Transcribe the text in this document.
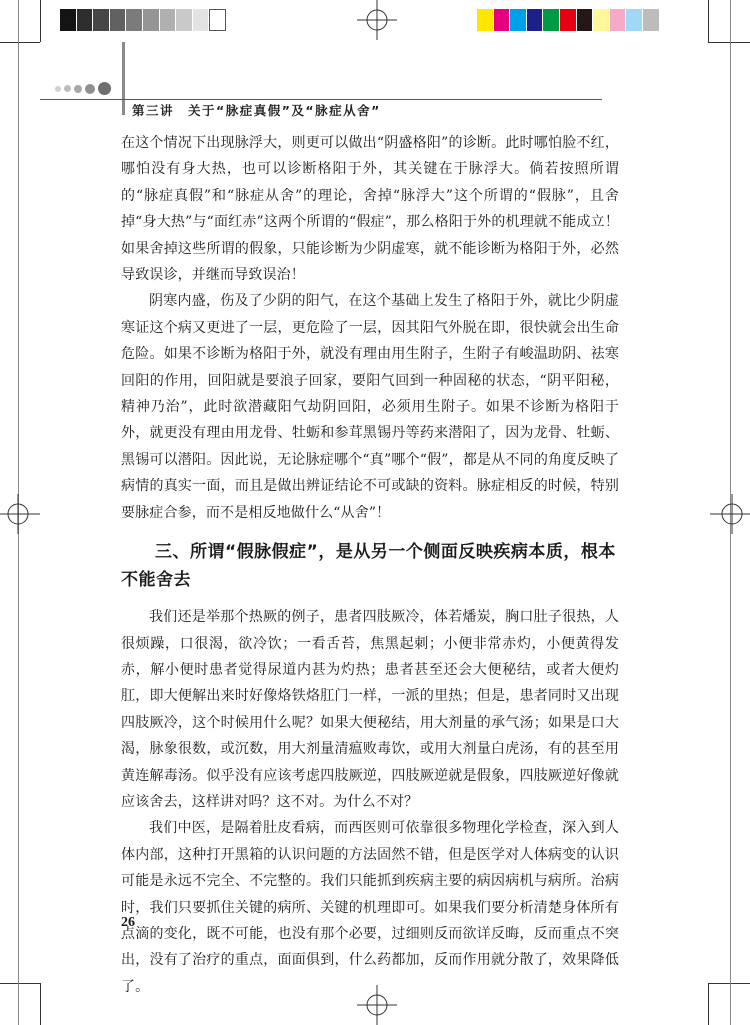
第三讲　关于“脉症真假”及“脉症从舍”

在这个情况下出现脉浮大，则更可以做出“阴盛格阳”的诊断。此时哪怕脸不红，哪怕没有身大热，也可以诊断格阳于外，其关键在于脉浮大。倘若按照所谓的“脉症真假”和“脉症从舍”的理论，舍掉“脉浮大”这个所谓的“假脉”，且舍掉“身大热”与“面红赤”这两个所谓的“假症”，那么格阳于外的机理就不能成立！如果舍掉这些所谓的假象，只能诊断为少阴虚寒，就不能诊断为格阳于外，必然导致误诊，并继而导致误治！

阴寒内盛，伤及了少阴的阳气，在这个基础上发生了格阳于外，就比少阴虚寒证这个病又更进了一层，更危险了一层，因其阳气外脱在即，很快就会出生命危险。如果不诊断为格阳于外，就没有理由用生附子，生附子有峻温助阴、祛寒回阳的作用，回阳就是要浪子回家，要阳气回到一种固秘的状态，“阴平阳秘，精神乃治”，此时欲潜藏阳气劫阴回阳，必须用生附子。如果不诊断为格阳于外，就更没有理由用龙骨、牡蛎和参茸黑锡丹等药来潜阳了，因为龙骨、牡蛎、黑锡可以潜阳。因此说，无论脉症哪个“真”哪个“假”，都是从不同的角度反映了病情的真实一面，而且是做出辨证结论不可或缺的资料。脉症相反的时候，特别要脉症合参，而不是相反地做什么“从舍”！

三、所谓“假脉假症”，是从另一个侧面反映疾病本质，根本不能舍去

我们还是举那个热厥的例子，患者四肢厥冷，体若燔炭，胸口肚子很热，人很烦躁，口很渴，欲冷饮；一看舌苔，焦黑起刺；小便非常赤灼，小便黄得发赤，解小便时患者觉得尿道内甚为灼热；患者甚至还会大便秘结，或者大便灼肛，即大便解出来时好像烙铁烙肛门一样，一派的里热；但是，患者同时又出现四肢厥冷，这个时候用什么呢？如果大便秘结，用大剂量的承气汤；如果是口大渴，脉象很数，或沉数，用大剂量清瘟败毒饮，或用大剂量白虎汤，有的甚至用黄连解毒汤。似乎没有应该考虑四肢厥逆，四肢厥逆就是假象，四肢厥逆好像就应该舍去，这样讲对吗？这不对。为什么不对？

我们中医，是隔着肚皮看病，而西医则可依靠很多物理化学检查，深入到人体内部，这种打开黑箱的认识问题的方法固然不错，但是医学对人体病变的认识可能是永远不完全、不完整的。我们只能抓到疾病主要的病因病机与病所。治病时，我们只要抓住关键的病所、关键的机理即可。如果我们要分析清楚身体所有点滴的变化，既不可能，也没有那个必要，过细则反而欲详反晦，反而重点不突出，没有了治疗的重点，面面俱到，什么药都加，反而作用就分散了，效果降低了。

26
